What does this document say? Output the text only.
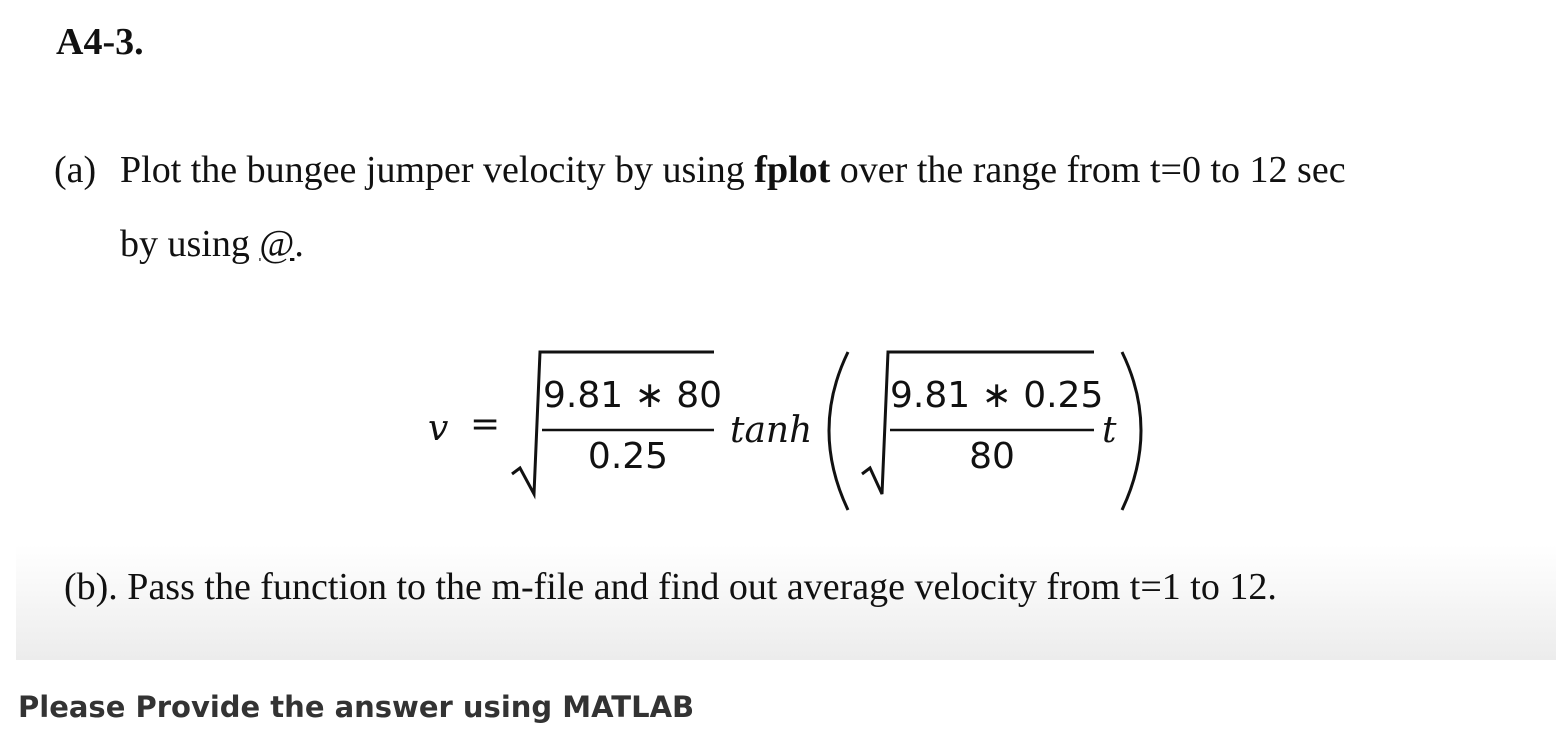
A4-3.
(a) Plot the bungee jumper velocity by using fplot over the range from t=0 to 12 sec
by using @.
v =
9.81 ∗ 80
0.25
tanh
9.81 ∗ 0.25
80
t
(b). Pass the function to the m-file and find out average velocity from t=1 to 12.
Please Provide the answer using MATLAB
